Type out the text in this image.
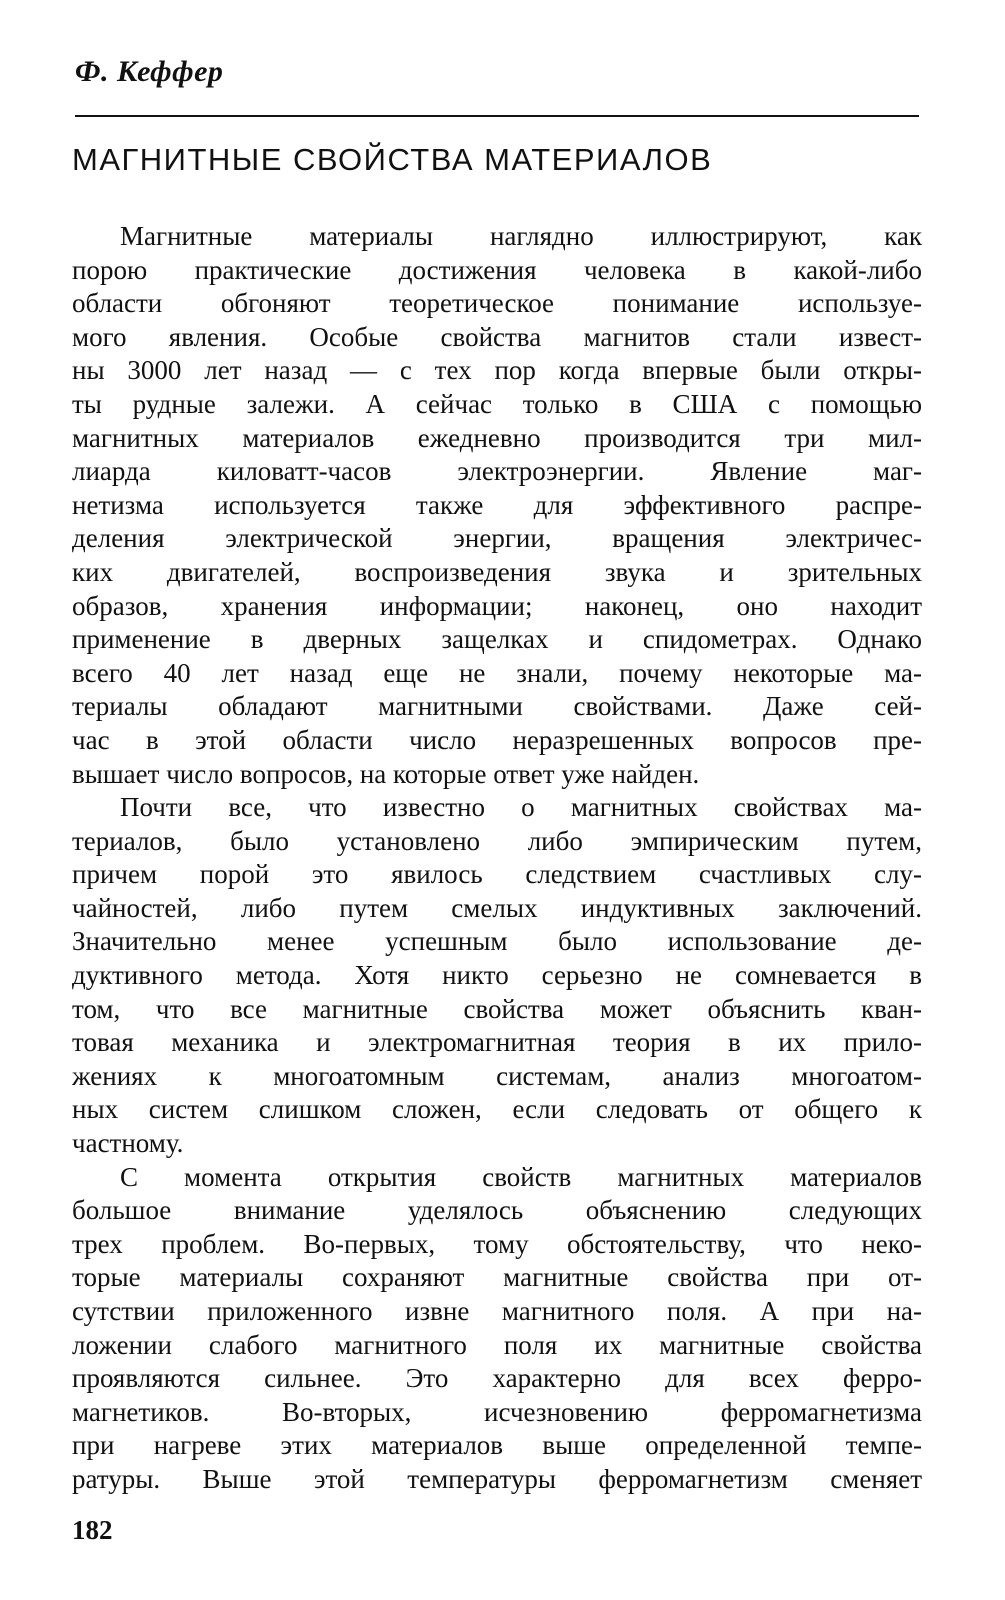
Ф. Кеффер
МАГНИТНЫЕ СВОЙСТВА МАТЕРИАЛОВ
Магнитные материалы наглядно иллюстрируют, как
порою практические достижения человека в какой-либо
области обгоняют теоретическое понимание используе-
мого явления. Особые свойства магнитов стали извест-
ны 3000 лет назад — с тех пор когда впервые были откры-
ты рудные залежи. А сейчас только в США с помощью
магнитных материалов ежедневно производится три мил-
лиарда киловатт-часов электроэнергии. Явление маг-
нетизма используется также для эффективного распре-
деления электрической энергии, вращения электричес-
ких двигателей, воспроизведения звука и зрительных
образов, хранения информации; наконец, оно находит
применение в дверных защелках и спидометрах. Однако
всего 40 лет назад еще не знали, почему некоторые ма-
териалы обладают магнитными свойствами. Даже сей-
час в этой области число неразрешенных вопросов пре-
вышает число вопросов, на которые ответ уже найден.
Почти все, что известно о магнитных свойствах ма-
териалов, было установлено либо эмпирическим путем,
причем порой это явилось следствием счастливых слу-
чайностей, либо путем смелых индуктивных заключений.
Значительно менее успешным было использование де-
дуктивного метода. Хотя никто серьезно не сомневается в
том, что все магнитные свойства может объяснить кван-
товая механика и электромагнитная теория в их прило-
жениях к многоатомным системам, анализ многоатом-
ных систем слишком сложен, если следовать от общего к
частному.
С момента открытия свойств магнитных материалов
большое внимание уделялось объяснению следующих
трех проблем. Во-первых, тому обстоятельству, что неко-
торые материалы сохраняют магнитные свойства при от-
сутствии приложенного извне магнитного поля. А при на-
ложении слабого магнитного поля их магнитные свойства
проявляются сильнее. Это характерно для всех ферро-
магнетиков. Во-вторых, исчезновению ферромагнетизма
при нагреве этих материалов выше определенной темпе-
ратуры. Выше этой температуры ферромагнетизм сменяет
182
